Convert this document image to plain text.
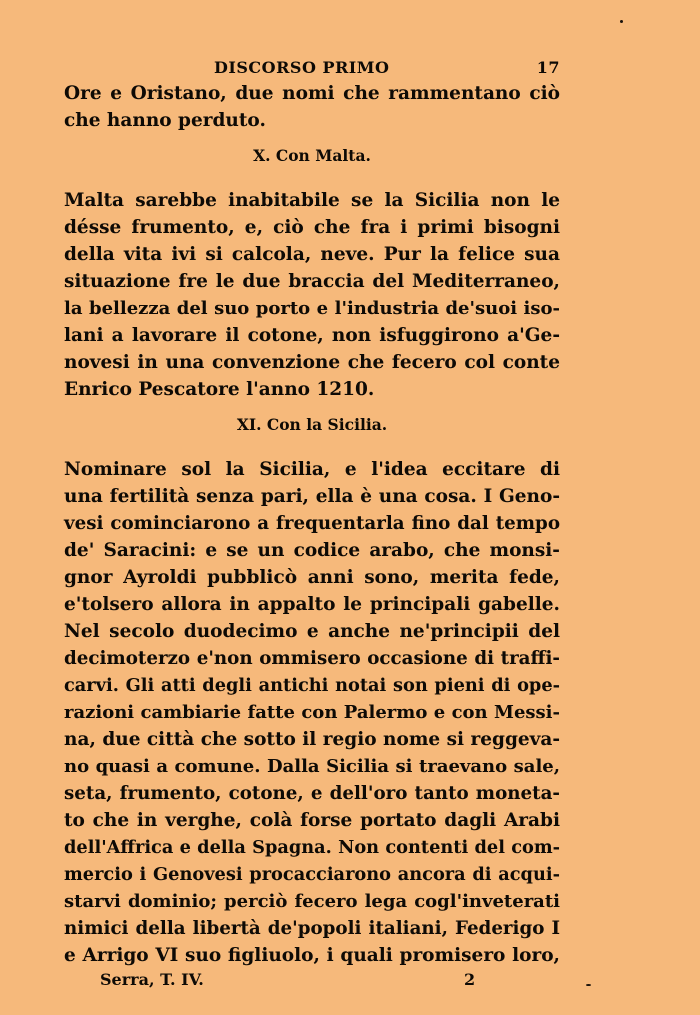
DISCORSO PRIMO	17

Ore e Oristano, due nomi che rammentano ciò
che hanno perduto.

X. Con Malta.

Malta sarebbe inabitabile se la Sicilia non le
désse frumento, e, ciò che fra i primi bisogni
della vita ivi si calcola, neve. Pur la felice sua
situazione fre le due braccia del Mediterraneo,
la bellezza del suo porto e l'industria de'suoi iso-
lani a lavorare il cotone, non isfuggirono a'Ge-
novesi in una convenzione che fecero col conte
Enrico Pescatore l'anno 1210.

XI. Con la Sicilia.

Nominare sol la Sicilia, e l'idea eccitare di
una fertilità senza pari, ella è una cosa. I Geno-
vesi cominciarono a frequentarla fino dal tempo
de' Saracini: e se un codice arabo, che monsi-
gnor Ayroldi pubblicò anni sono, merita fede,
e'tolsero allora in appalto le principali gabelle.
Nel secolo duodecimo e anche ne'principii del
decimoterzo e'non ommisero occasione di traffi-
carvi. Gli atti degli antichi notai son pieni di ope-
razioni cambiarie fatte con Palermo e con Messi-
na, due città che sotto il regio nome si reggeva-
no quasi a comune. Dalla Sicilia si traevano sale,
seta, frumento, cotone, e dell'oro tanto moneta-
to che in verghe, colà forse portato dagli Arabi
dell'Affrica e della Spagna. Non contenti del com-
mercio i Genovesi procacciarono ancora di acqui-
starvi dominio; perciò fecero lega cogl'inveterati
nimici della libertà de'popoli italiani, Federigo I
e Arrigo VI suo figliuolo, i quali promisero loro,

Serra, T. IV.	2
